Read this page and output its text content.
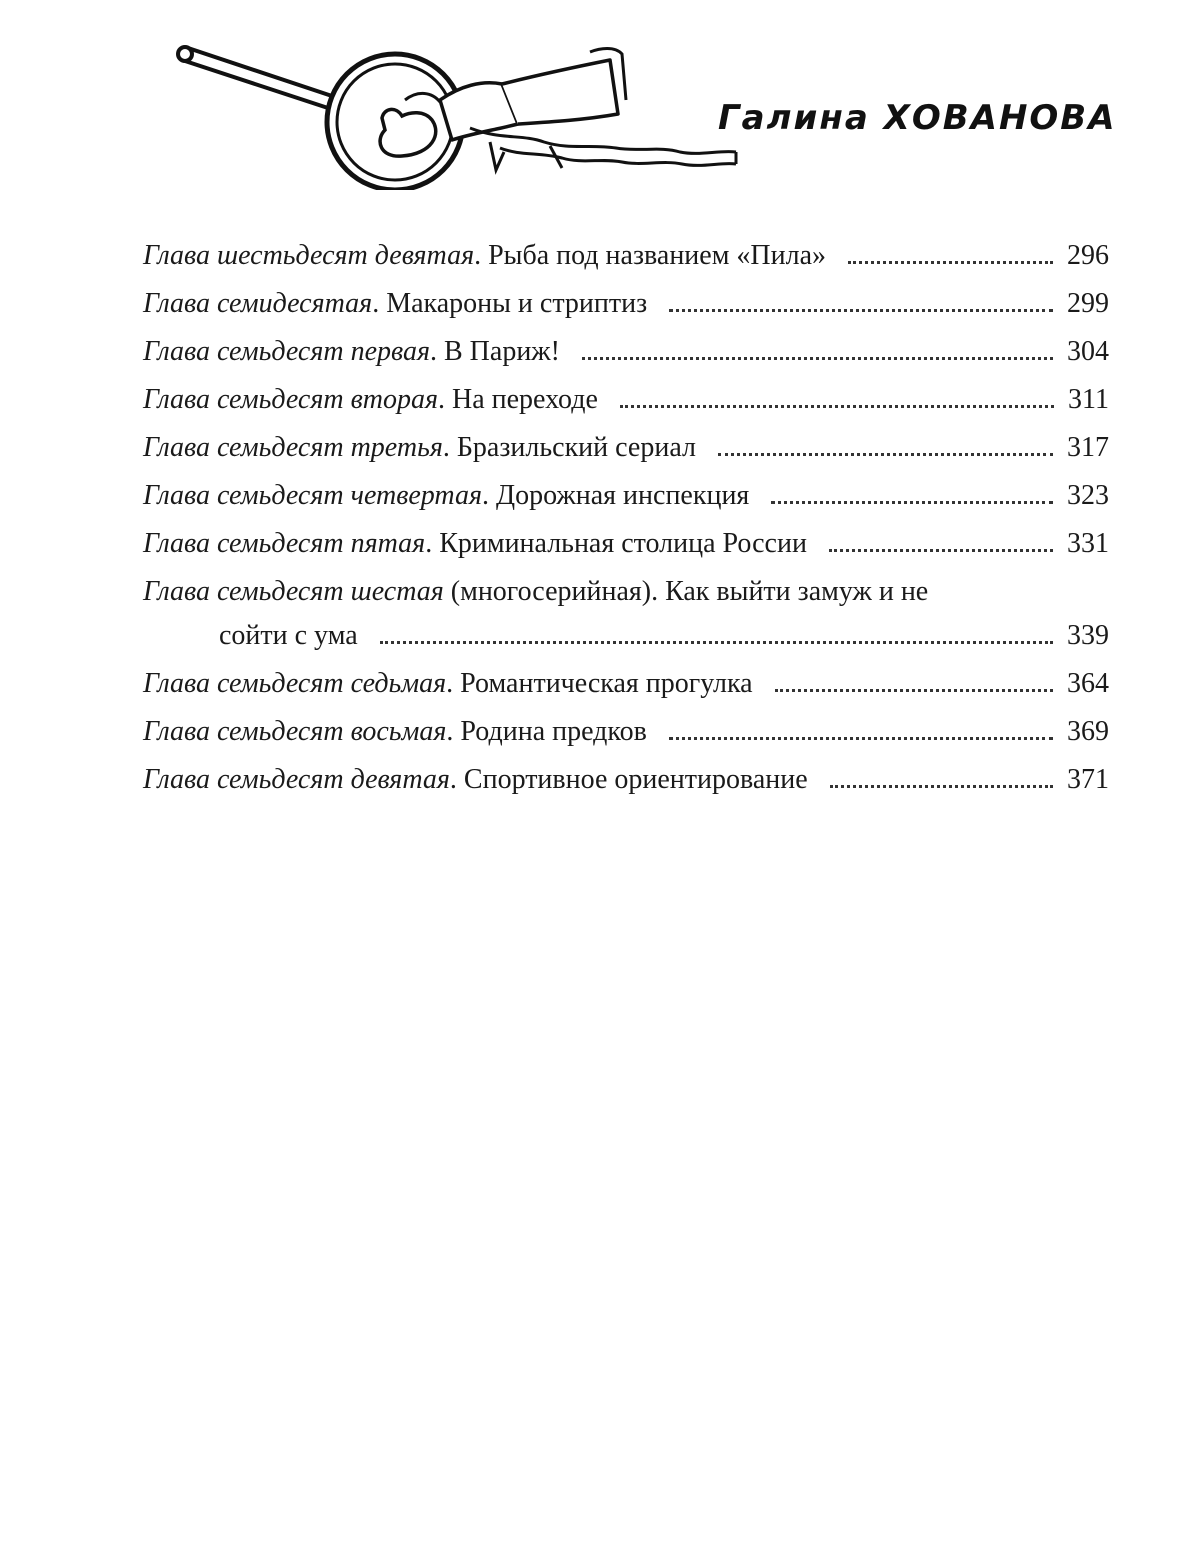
Галина ХОВАНОВА
Глава шестьдесят девятая . Рыба под названием «Пила»	296
Глава семидесятая . Макароны и стриптиз	299
Глава семьдесят первая . В Париж!	304
Глава семьдесят вторая . На переходе	311
Глава семьдесят третья . Бразильский сериал	317
Глава семьдесят четвертая . Дорожная инспекция	323
Глава семьдесят пятая . Криминальная столица России	331
Глава семьдесят шестая (многосерийная). Как выйти замуж и не
сойти с ума	339
Глава семьдесят седьмая . Романтическая прогулка	364
Глава семьдесят восьмая . Родина предков	369
Глава семьдесят девятая . Спортивное ориентирование	371
